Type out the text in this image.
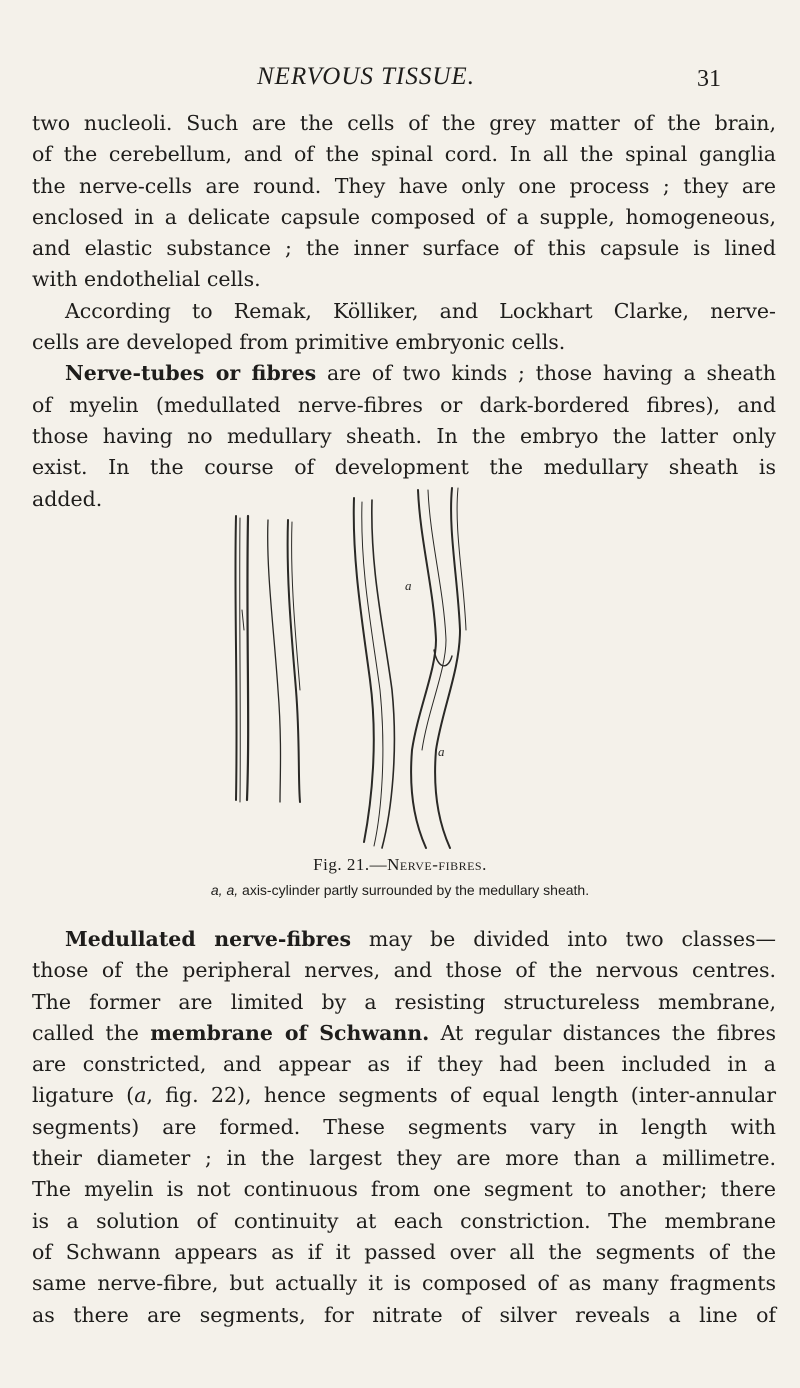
NERVOUS TISSUE.	31
two nucleoli. Such are the cells of the grey matter of the brain,
of the cerebellum, and of the spinal cord. In all the spinal ganglia
the nerve-cells are round. They have only one process ; they are
enclosed in a delicate capsule composed of a supple, homogeneous,
and elastic substance ; the inner surface of this capsule is lined
with endothelial cells.
According to Remak, Kölliker, and Lockhart Clarke, nerve-
cells are developed from primitive embryonic cells.
Nerve-tubes or fibres are of two kinds ; those having a sheath
of myelin (medullated nerve-fibres or dark-bordered fibres), and
those having no medullary sheath. In the embryo the latter only
exist. In the course of development the medullary sheath is
added.
a
a
Fig. 21.—Nerve-fibres.
a, a, axis-cylinder partly surrounded by the medullary sheath.
Medullated nerve-fibres may be divided into two classes—
those of the peripheral nerves, and those of the nervous centres.
The former are limited by a resisting structureless membrane,
called the membrane of Schwann. At regular distances the fibres
are constricted, and appear as if they had been included in a
ligature (a, fig. 22), hence segments of equal length (inter-annular
segments) are formed. These segments vary in length with
their diameter ; in the largest they are more than a millimetre.
The myelin is not continuous from one segment to another; there
is a solution of continuity at each constriction. The membrane
of Schwann appears as if it passed over all the segments of the
same nerve-fibre, but actually it is composed of as many fragments
as there are segments, for nitrate of silver reveals a line of
